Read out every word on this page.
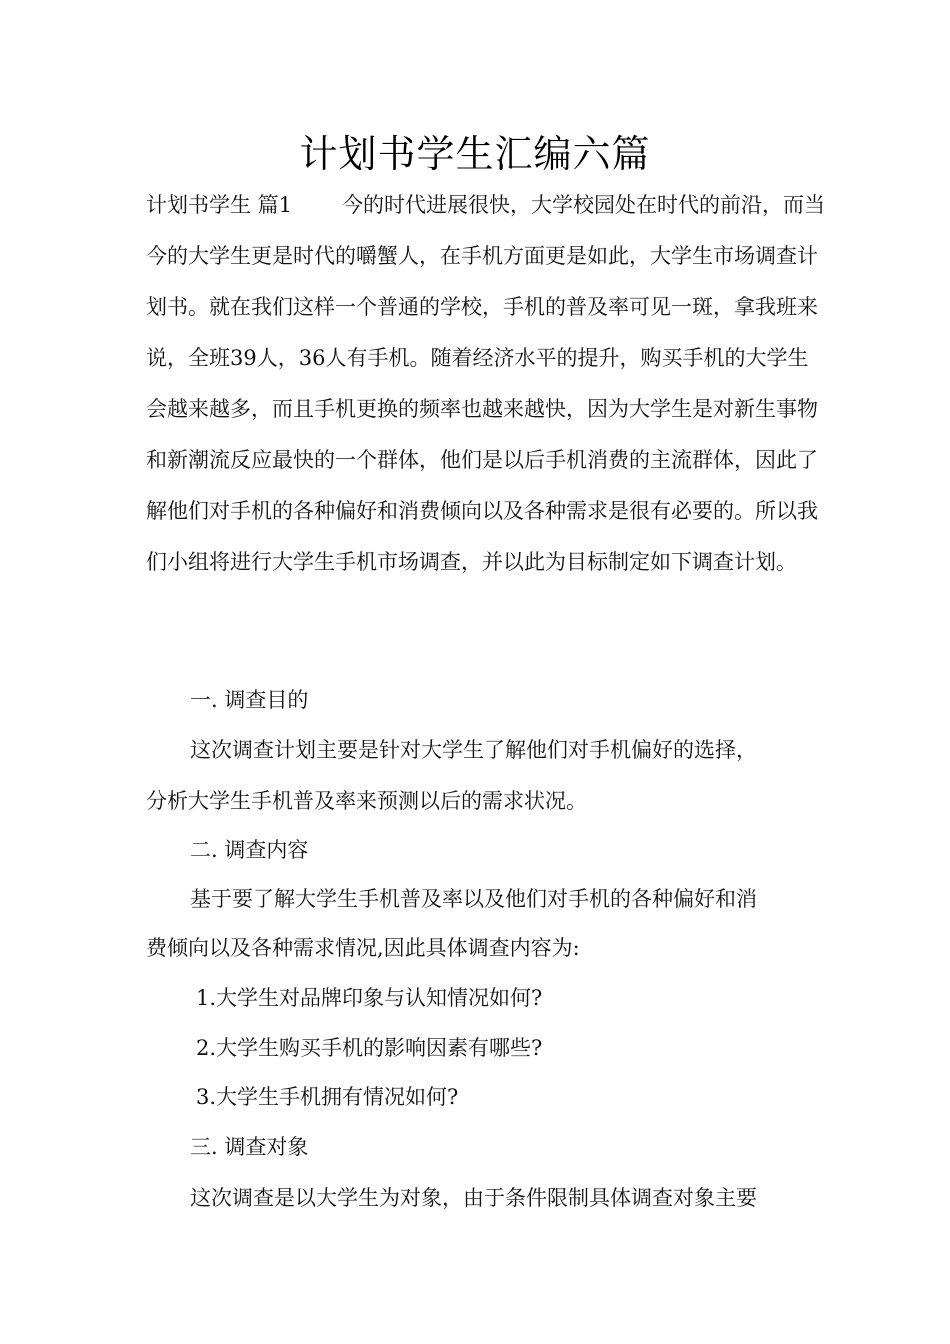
计划书学生汇编六篇

计划书学生 篇1 今的时代进展很快，大学校园处在时代的前沿，而当今的大学生更是时代的嚼蟹人，在手机方面更是如此，大学生市场调查计划书。就在我们这样一个普通的学校，手机的普及率可见一斑，拿我班来说，全班39人，36人有手机。随着经济水平的提升，购买手机的大学生会越来越多，而且手机更换的频率也越来越快，因为大学生是对新生事物和新潮流反应最快的一个群体，他们是以后手机消费的主流群体，因此了解他们对手机的各种偏好和消费倾向以及各种需求是很有必要的。所以我们小组将进行大学生手机市场调查，并以此为目标制定如下调查计划。

一. 调查目的

这次调查计划主要是针对大学生了解他们对手机偏好的选择，

分析大学生手机普及率来预测以后的需求状况。

二. 调查内容

基于要了解大学生手机普及率以及他们对手机的各种偏好和消

费倾向以及各种需求情况,因此具体调查内容为:

1.大学生对品牌印象与认知情况如何?

2.大学生购买手机的影响因素有哪些?

3.大学生手机拥有情况如何?

三. 调查对象

这次调查是以大学生为对象，由于条件限制具体调查对象主要
